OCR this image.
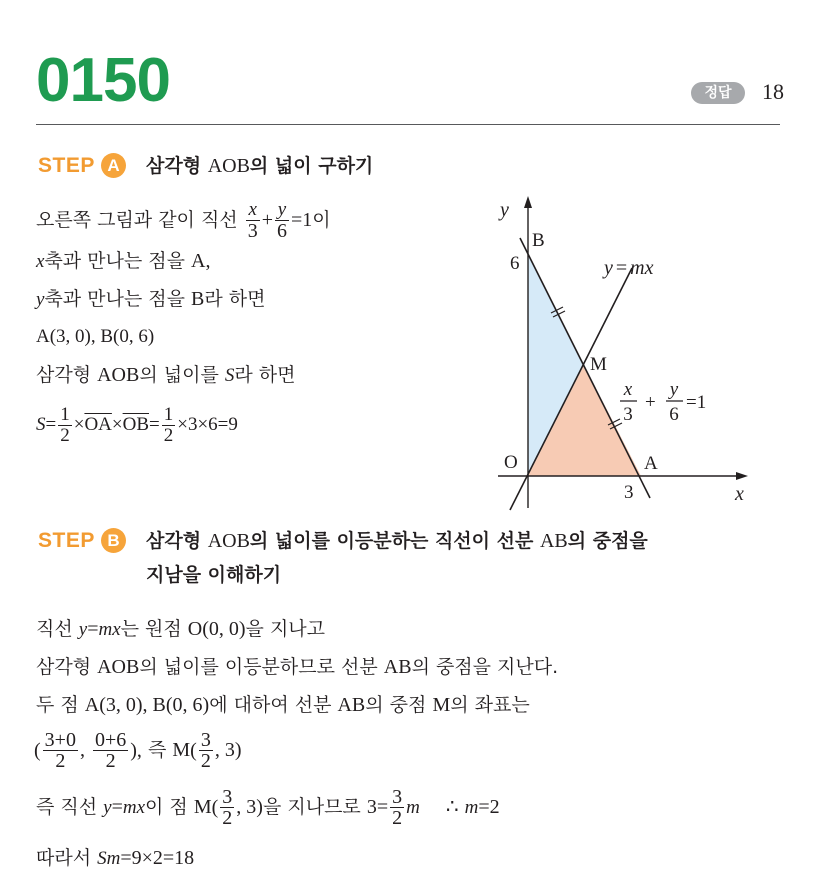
0150	정답	18
STEP A	삼각형 AOB의 넓이 구하기
오른쪽 그림과 같이 직선 $\frac{x}{3} + \frac{y}{6} =1$이
x축과 만나는 점을 A,
y축과 만나는 점을 B라 하면
A(3, 0), B(0, 6)
삼각형 AOB의 넓이를 S라 하면
$S= \frac{1}{2} \times\overline{OA}\times\overline{OB}= \frac{1}{2} \times 3\times 6=9$
y
x
B
6
M
O	A
3
y = mx
x
3
+
y
6
=1
STEP B	삼각형 AOB의 넓이를 이등분하는 직선이 선분 AB의 중점을
지남을 이해하기
직선 y=mx는 원점 O(0, 0)을 지나고
삼각형 AOB의 넓이를 이등분하므로 선분 AB의 중점을 지난다.
두 점 A(3, 0), B(0, 6)에 대하여 선분 AB의 중점 M의 좌표는
( $\frac{3+0}{2}$ , $\frac{0+6}{2}$ ), 즉 $M( \frac{3}{2}$ , 3)
즉 직선 y=mx이 점 $M( \frac{3}{2}$ , 3)을 지나므로 $3= \frac{3}{2}$ m ∴ m=2
따라서 Sm=9×2=18
